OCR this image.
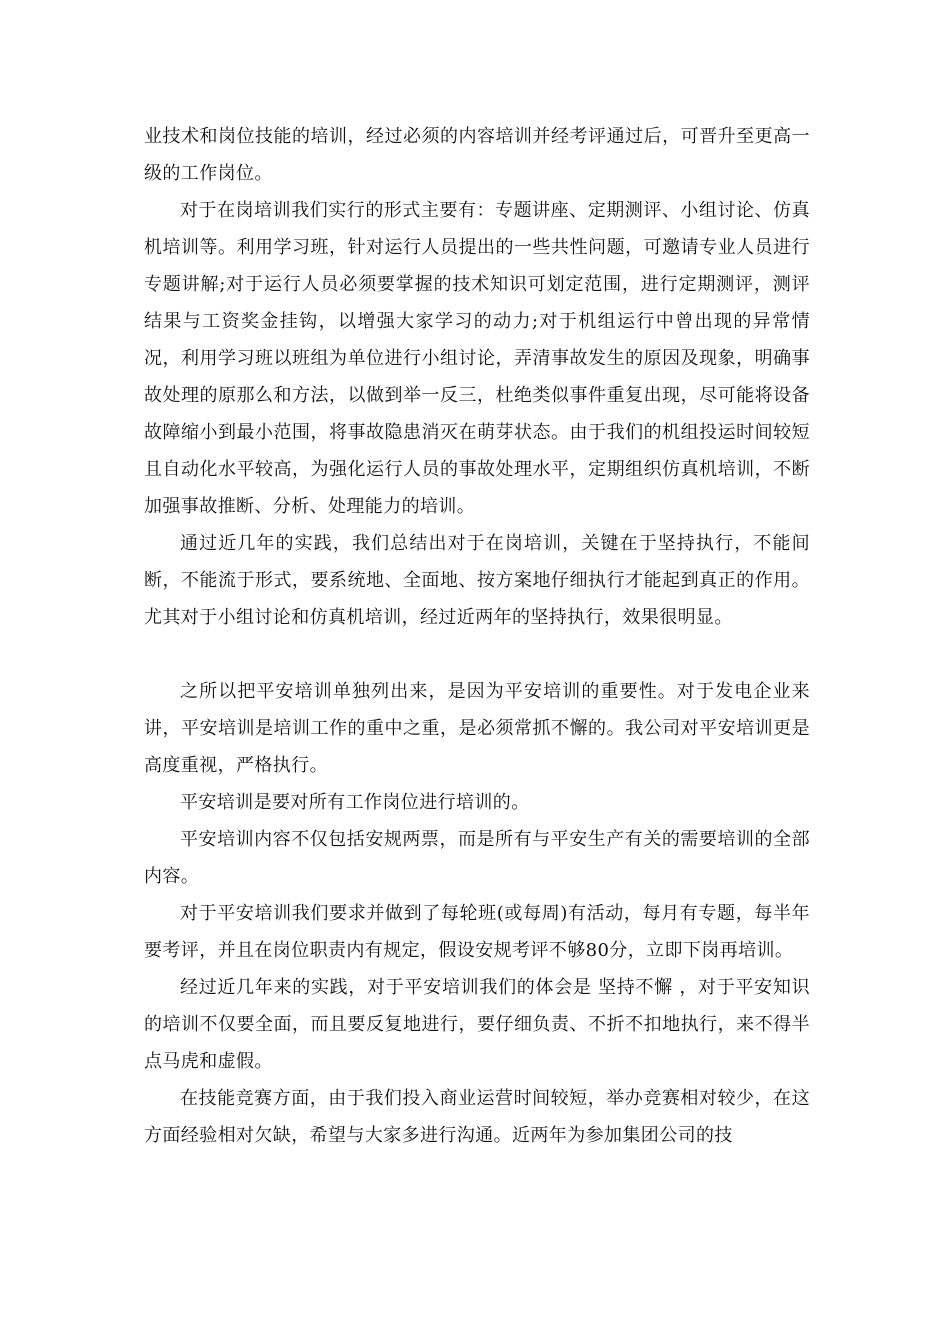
业技术和岗位技能的培训，经过必须的内容培训并经考评通过后，可晋升至更高一级的工作岗位。

对于在岗培训我们实行的形式主要有：专题讲座、定期测评、小组讨论、仿真机培训等。利用学习班，针对运行人员提出的一些共性问题，可邀请专业人员进行专题讲解;对于运行人员必须要掌握的技术知识可划定范围，进行定期测评，测评结果与工资奖金挂钩，以增强大家学习的动力;对于机组运行中曾出现的异常情况，利用学习班以班组为单位进行小组讨论，弄清事故发生的原因及现象，明确事故处理的原那么和方法，以做到举一反三，杜绝类似事件重复出现，尽可能将设备故障缩小到最小范围，将事故隐患消灭在萌芽状态。由于我们的机组投运时间较短且自动化水平较高，为强化运行人员的事故处理水平，定期组织仿真机培训，不断加强事故推断、分析、处理能力的培训。

通过近几年的实践，我们总结出对于在岗培训，关键在于坚持执行，不能间断，不能流于形式，要系统地、全面地、按方案地仔细执行才能起到真正的作用。尤其对于小组讨论和仿真机培训，经过近两年的坚持执行，效果很明显。

之所以把平安培训单独列出来，是因为平安培训的重要性。对于发电企业来讲，平安培训是培训工作的重中之重，是必须常抓不懈的。我公司对平安培训更是高度重视，严格执行。

平安培训是要对所有工作岗位进行培训的。

平安培训内容不仅包括安规两票，而是所有与平安生产有关的需要培训的全部内容。

对于平安培训我们要求并做到了每轮班(或每周)有活动，每月有专题，每半年要考评，并且在岗位职责内有规定，假设安规考评不够80分，立即下岗再培训。

经过近几年来的实践，对于平安培训我们的体会是 坚持不懈 ，对于平安知识的培训不仅要全面，而且要反复地进行，要仔细负责、不折不扣地执行，来不得半点马虎和虚假。

在技能竞赛方面，由于我们投入商业运营时间较短，举办竞赛相对较少，在这方面经验相对欠缺，希望与大家多进行沟通。近两年为参加集团公司的技
